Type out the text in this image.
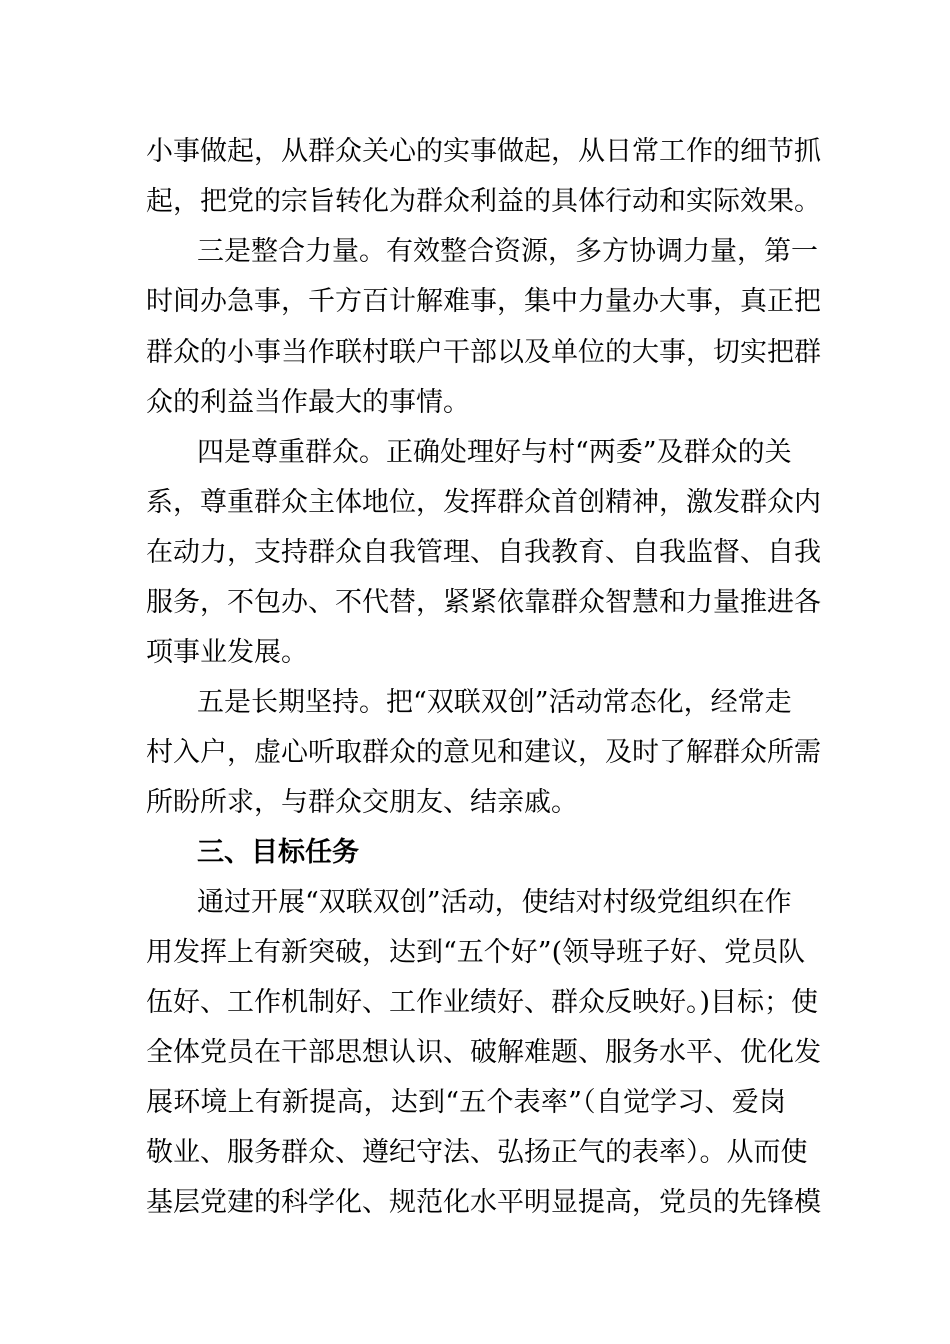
小事做起，从群众关心的实事做起，从日常工作的细节抓
起，把党的宗旨转化为群众利益的具体行动和实际效果。
三是整合力量。有效整合资源，多方协调力量，第一
时间办急事，千方百计解难事，集中力量办大事，真正把
群众的小事当作联村联户干部以及单位的大事，切实把群
众的利益当作最大的事情。
四是尊重群众。正确处理好与村“两委”及群众的关
系，尊重群众主体地位，发挥群众首创精神，激发群众内
在动力，支持群众自我管理、自我教育、自我监督、自我
服务，不包办、不代替，紧紧依靠群众智慧和力量推进各
项事业发展。
五是长期坚持。把“双联双创”活动常态化，经常走
村入户，虚心听取群众的意见和建议，及时了解群众所需
所盼所求，与群众交朋友、结亲戚。
三、目标任务
通过开展“双联双创”活动，使结对村级党组织在作
用发挥上有新突破，达到“五个好”(领导班子好、党员队
伍好、工作机制好、工作业绩好、群众反映好。)目标；使
全体党员在干部思想认识、破解难题、服务水平、优化发
展环境上有新提高，达到“五个表率”（自觉学习、爱岗
敬业、服务群众、遵纪守法、弘扬正气的表率）。从而使
基层党建的科学化、规范化水平明显提高，党员的先锋模
